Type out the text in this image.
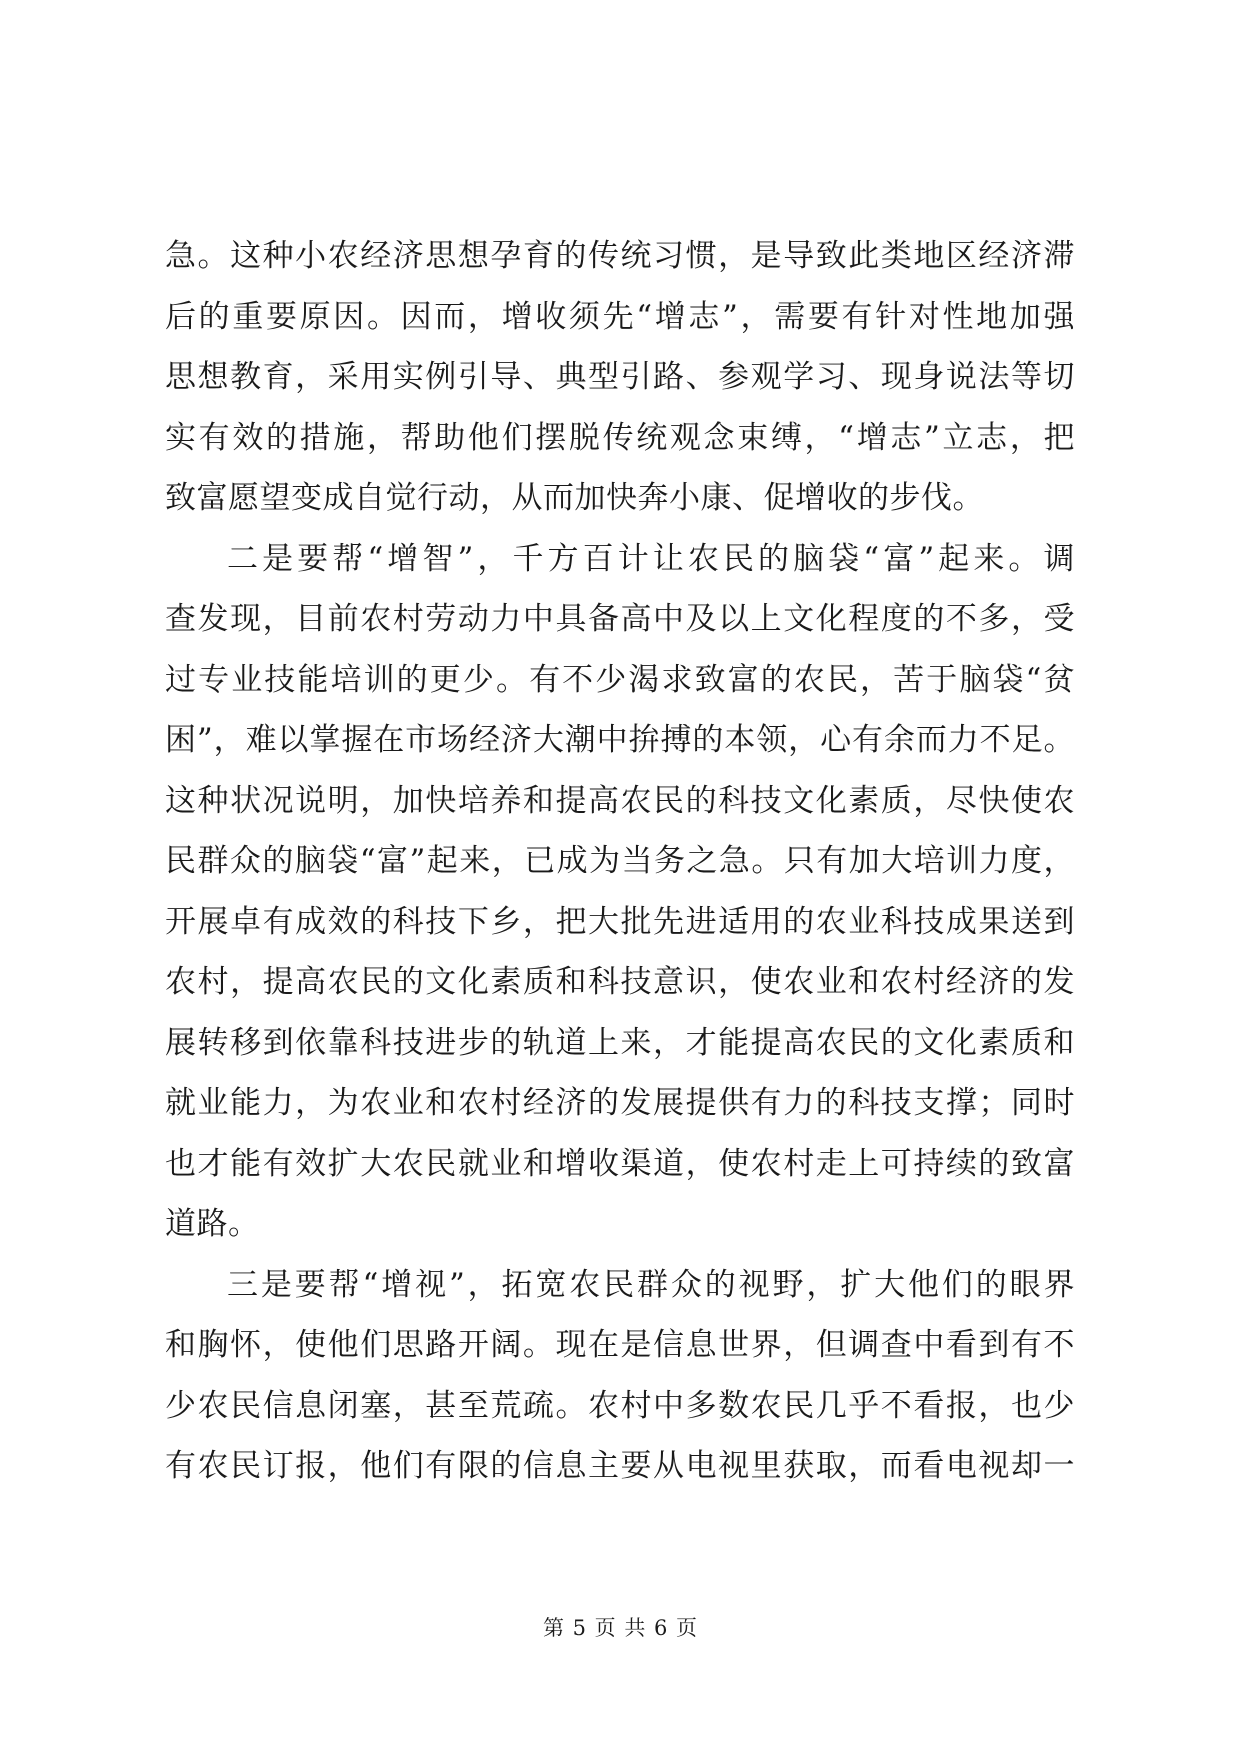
急。这种小农经济思想孕育的传统习惯，是导致此类地区经济滞
后的重要原因。因而，增收须先“增志”，需要有针对性地加强
思想教育，采用实例引导、典型引路、参观学习、现身说法等切
实有效的措施，帮助他们摆脱传统观念束缚，“增志”立志，把
致富愿望变成自觉行动，从而加快奔小康、促增收的步伐。
二是要帮“增智”，千方百计让农民的脑袋“富”起来。调
查发现，目前农村劳动力中具备高中及以上文化程度的不多，受
过专业技能培训的更少。有不少渴求致富的农民，苦于脑袋“贫
困”，难以掌握在市场经济大潮中拚搏的本领，心有余而力不足。
这种状况说明，加快培养和提高农民的科技文化素质，尽快使农
民群众的脑袋“富”起来，已成为当务之急。只有加大培训力度，
开展卓有成效的科技下乡，把大批先进适用的农业科技成果送到
农村，提高农民的文化素质和科技意识，使农业和农村经济的发
展转移到依靠科技进步的轨道上来，才能提高农民的文化素质和
就业能力，为农业和农村经济的发展提供有力的科技支撑；同时
也才能有效扩大农民就业和增收渠道，使农村走上可持续的致富
道路。
三是要帮“增视”，拓宽农民群众的视野，扩大他们的眼界
和胸怀，使他们思路开阔。现在是信息世界，但调查中看到有不
少农民信息闭塞，甚至荒疏。农村中多数农民几乎不看报，也少
有农民订报，他们有限的信息主要从电视里获取，而看电视却一
第 5 页 共 6 页
